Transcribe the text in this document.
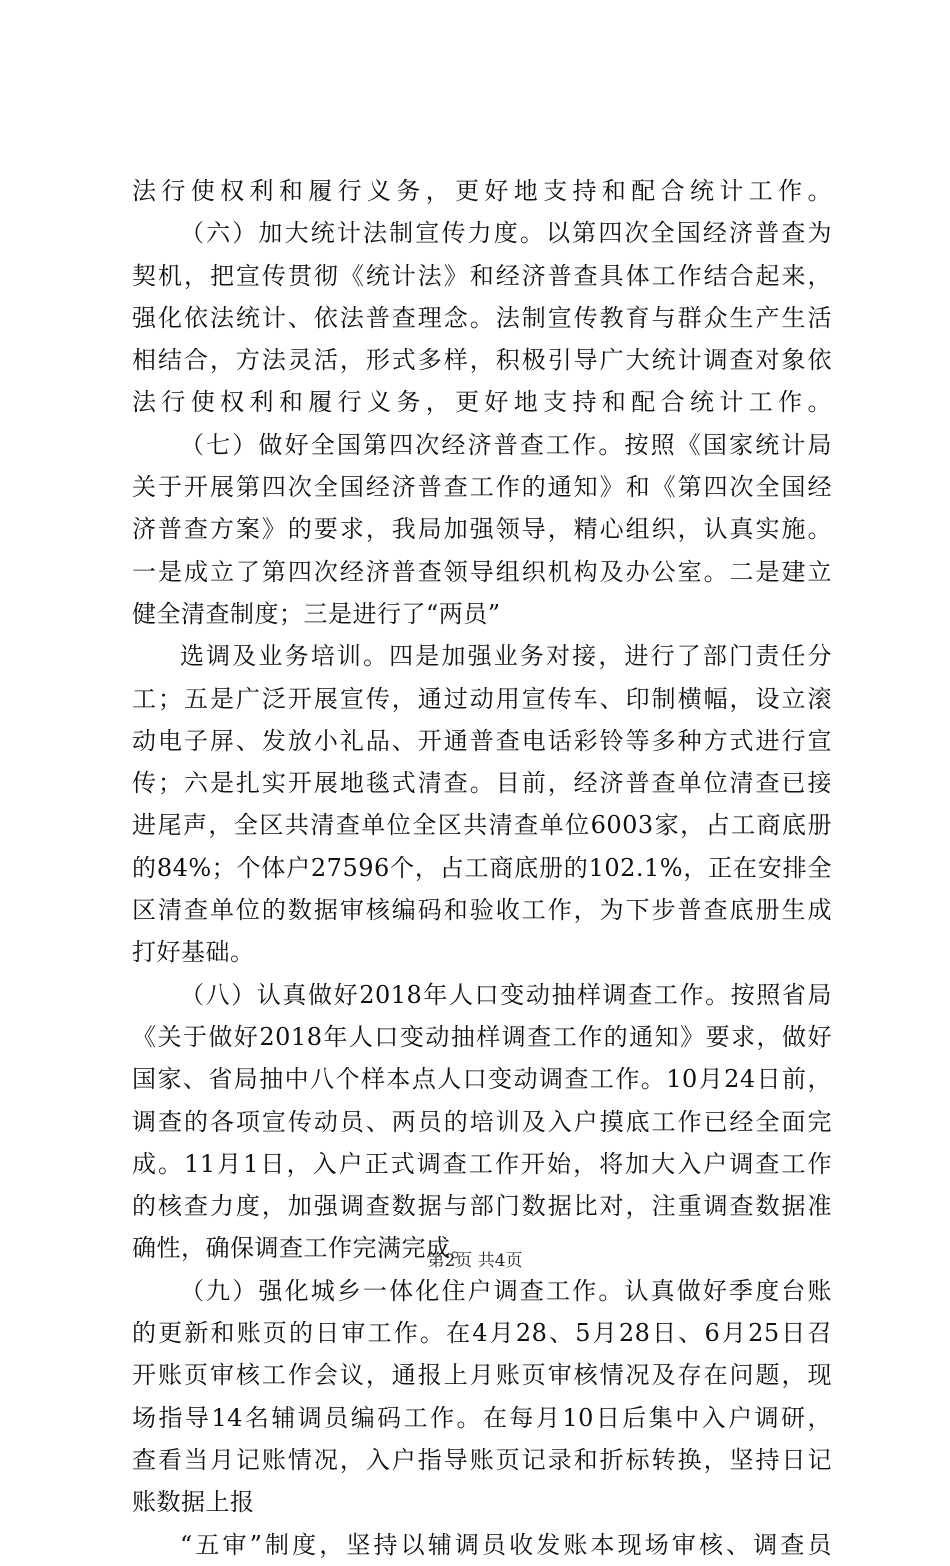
法行使权利和履行义务，更好地支持和配合统计工作。
（六）加大统计法制宣传力度。以第四次全国经济普查为
契机，把宣传贯彻《统计法》和经济普查具体工作结合起来，
强化依法统计、依法普查理念。法制宣传教育与群众生产生活
相结合，方法灵活，形式多样，积极引导广大统计调查对象依
法行使权利和履行义务，更好地支持和配合统计工作。
（七）做好全国第四次经济普查工作。按照《国家统计局
关于开展第四次全国经济普查工作的通知》和《第四次全国经
济普查方案》的要求，我局加强领导，精心组织，认真实施。
一是成立了第四次经济普查领导组织机构及办公室。二是建立
健全清查制度；三是进行了“两员”
选调及业务培训。四是加强业务对接，进行了部门责任分
工；五是广泛开展宣传，通过动用宣传车、印制横幅，设立滚
动电子屏、发放小礼品、开通普查电话彩铃等多种方式进行宣
传；六是扎实开展地毯式清查。目前，经济普查单位清查已接
进尾声，全区共清查单位全区共清查单位6003家，占工商底册
的84%；个体户27596个，占工商底册的102.1%，正在安排全
区清查单位的数据审核编码和验收工作，为下步普查底册生成
打好基础。
（八）认真做好2018年人口变动抽样调查工作。按照省局
《关于做好2018年人口变动抽样调查工作的通知》要求，做好
国家、省局抽中八个样本点人口变动调查工作。10月24日前，
调查的各项宣传动员、两员的培训及入户摸底工作已经全面完
成。11月1日，入户正式调查工作开始，将加大入户调查工作
的核查力度，加强调查数据与部门数据比对，注重调查数据准
确性，确保调查工作完满完成。
（九）强化城乡一体化住户调查工作。认真做好季度台账
的更新和账页的日审工作。在4月28、5月28日、6月25日召
开账页审核工作会议，通报上月账页审核情况及存在问题，现
场指导14名辅调员编码工作。在每月10日后集中入户调研，
查看当月记账情况，入户指导账页记录和折标转换，坚持日记
账数据上报
“五审”制度，坚持以辅调员收发账本现场审核、调查员
第2页 共4页
